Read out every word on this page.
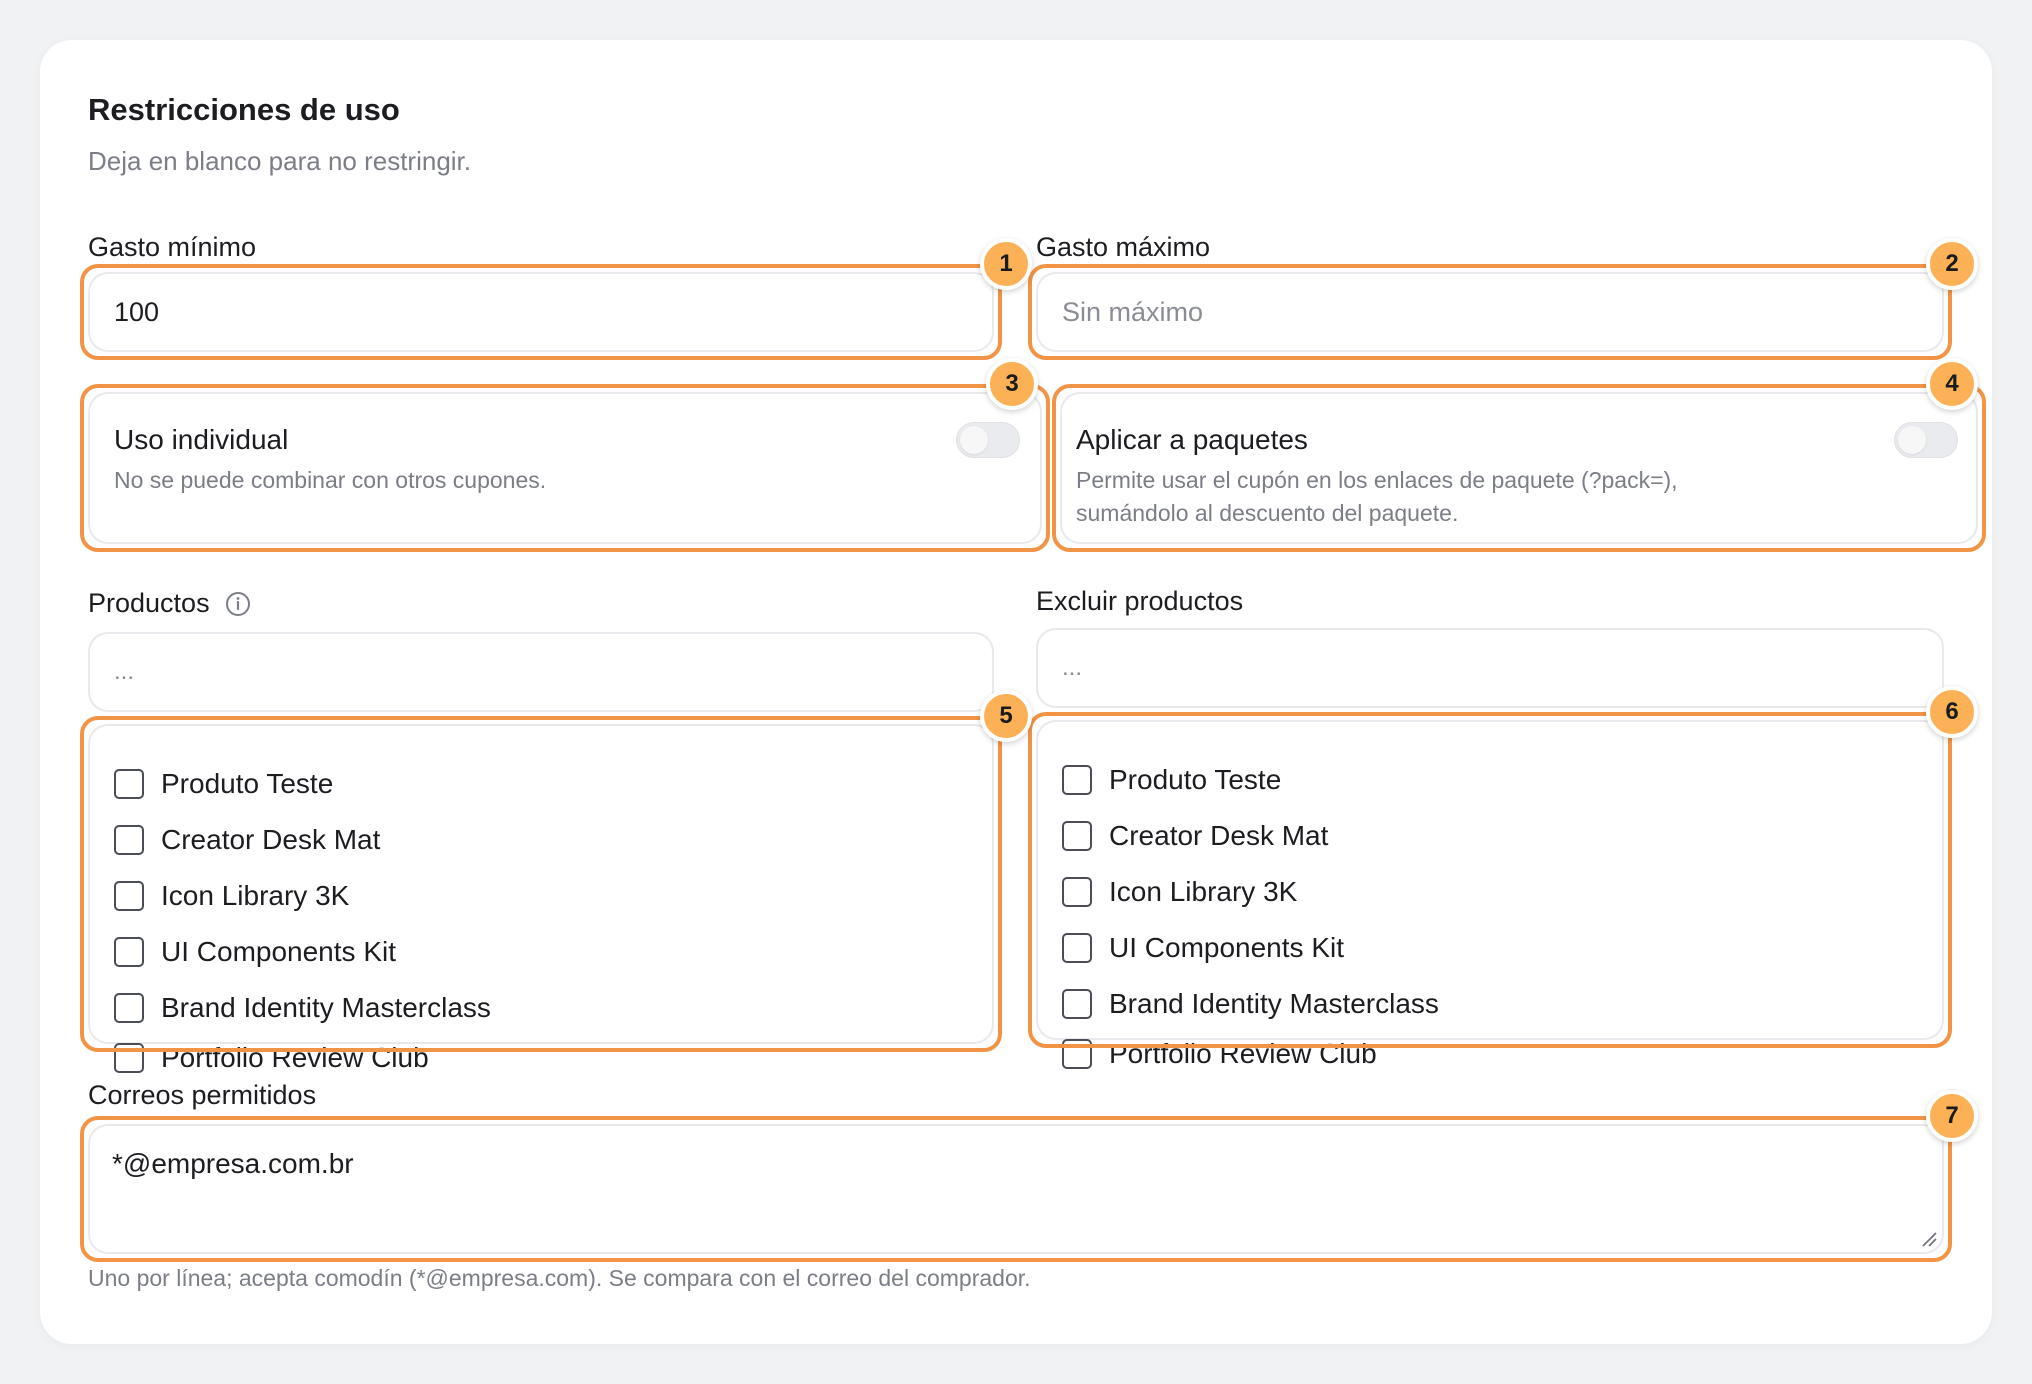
Restricciones de uso
Deja en blanco para no restringir.
Gasto mínimo
100
Gasto máximo
Sin máximo
Uso individual
No se puede combinar con otros cupones.
Aplicar a paquetes
Permite usar el cupón en los enlaces de paquete (?pack=),
sumándolo al descuento del paquete.
Productos
...
Produto Teste
Creator Desk Mat
Icon Library 3K
UI Components Kit
Brand Identity Masterclass
Portfolio Review Club
Excluir productos
...
Produto Teste
Creator Desk Mat
Icon Library 3K
UI Components Kit
Brand Identity Masterclass
Portfolio Review Club
Correos permitidos
*@empresa.com.br
Uno por línea; acepta comodín (*@empresa.com). Se compara con el correo del comprador.
1	2
3	4
5	6
7
